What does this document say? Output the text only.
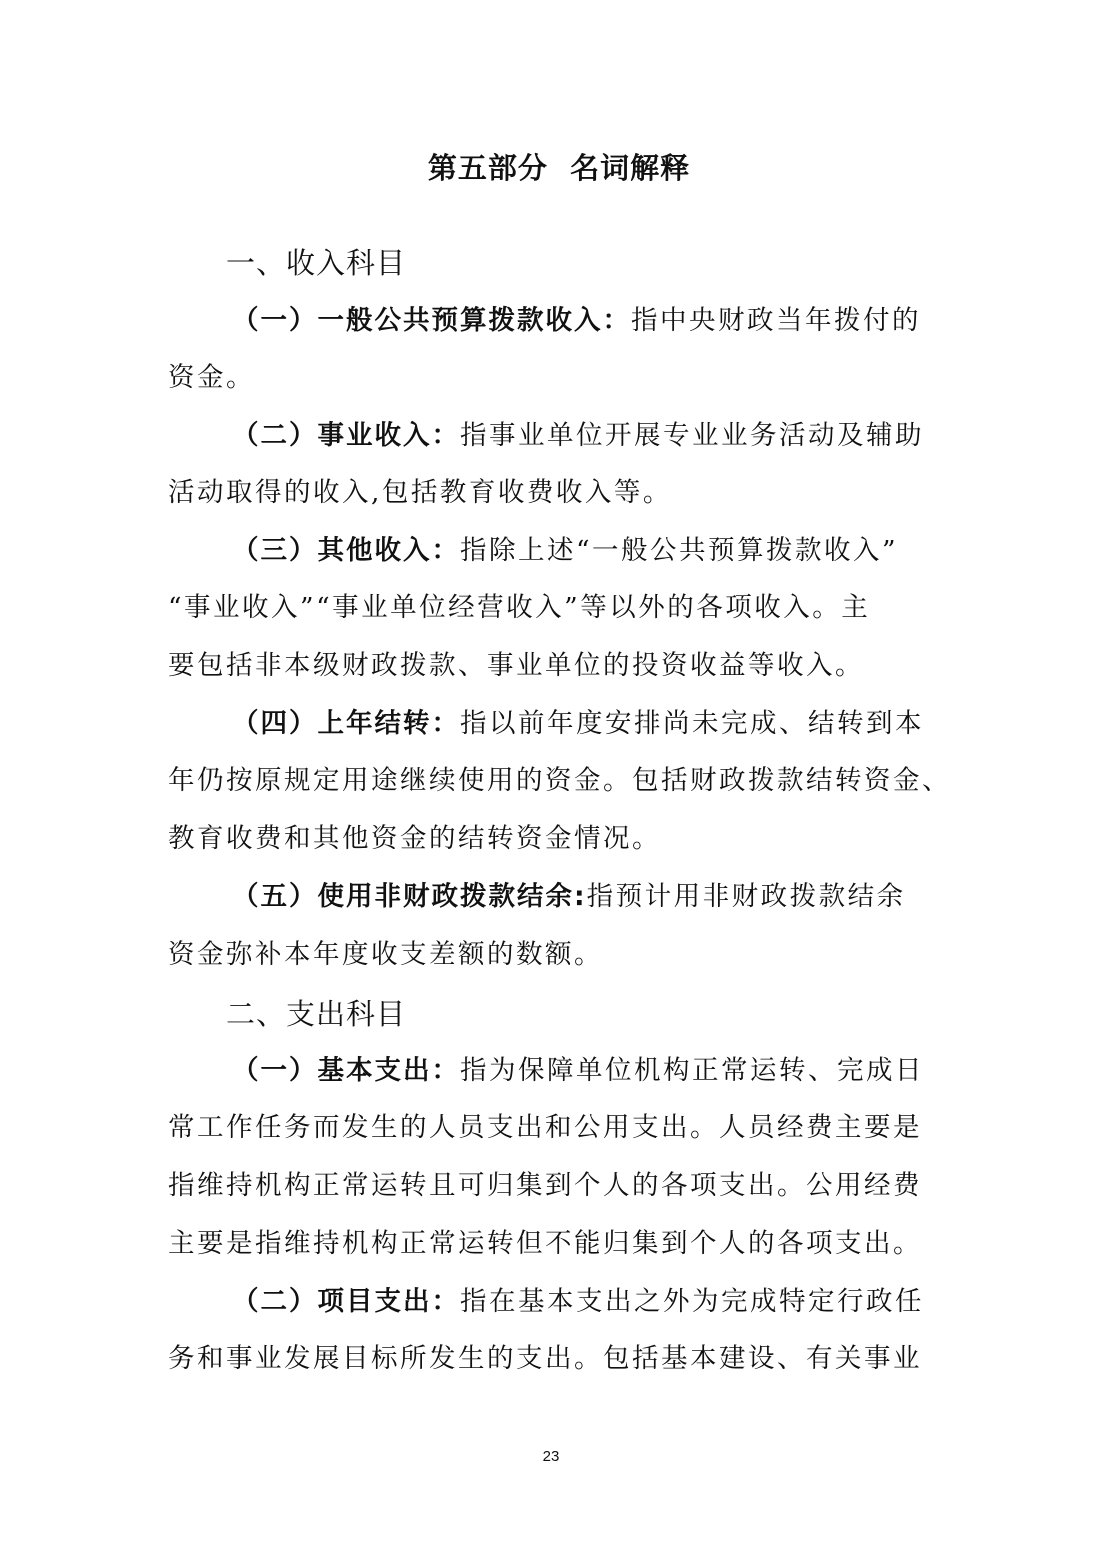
第五部分  名词解释
一、收入科目
（一）一般公共预算拨款收入：指中央财政当年拨付的
资金。
（二）事业收入：指事业单位开展专业业务活动及辅助
活动取得的收入,包括教育收费收入等。
（三）其他收入：指除上述“一般公共预算拨款收入”
“事业收入”“事业单位经营收入”等以外的各项收入。主
要包括非本级财政拨款、事业单位的投资收益等收入。
（四）上年结转：指以前年度安排尚未完成、结转到本
年仍按原规定用途继续使用的资金。包括财政拨款结转资金、
教育收费和其他资金的结转资金情况。
（五）使用非财政拨款结余:指预计用非财政拨款结余
资金弥补本年度收支差额的数额。
二、支出科目
（一）基本支出：指为保障单位机构正常运转、完成日
常工作任务而发生的人员支出和公用支出。人员经费主要是
指维持机构正常运转且可归集到个人的各项支出。公用经费
主要是指维持机构正常运转但不能归集到个人的各项支出。
（二）项目支出：指在基本支出之外为完成特定行政任
务和事业发展目标所发生的支出。包括基本建设、有关事业
23
